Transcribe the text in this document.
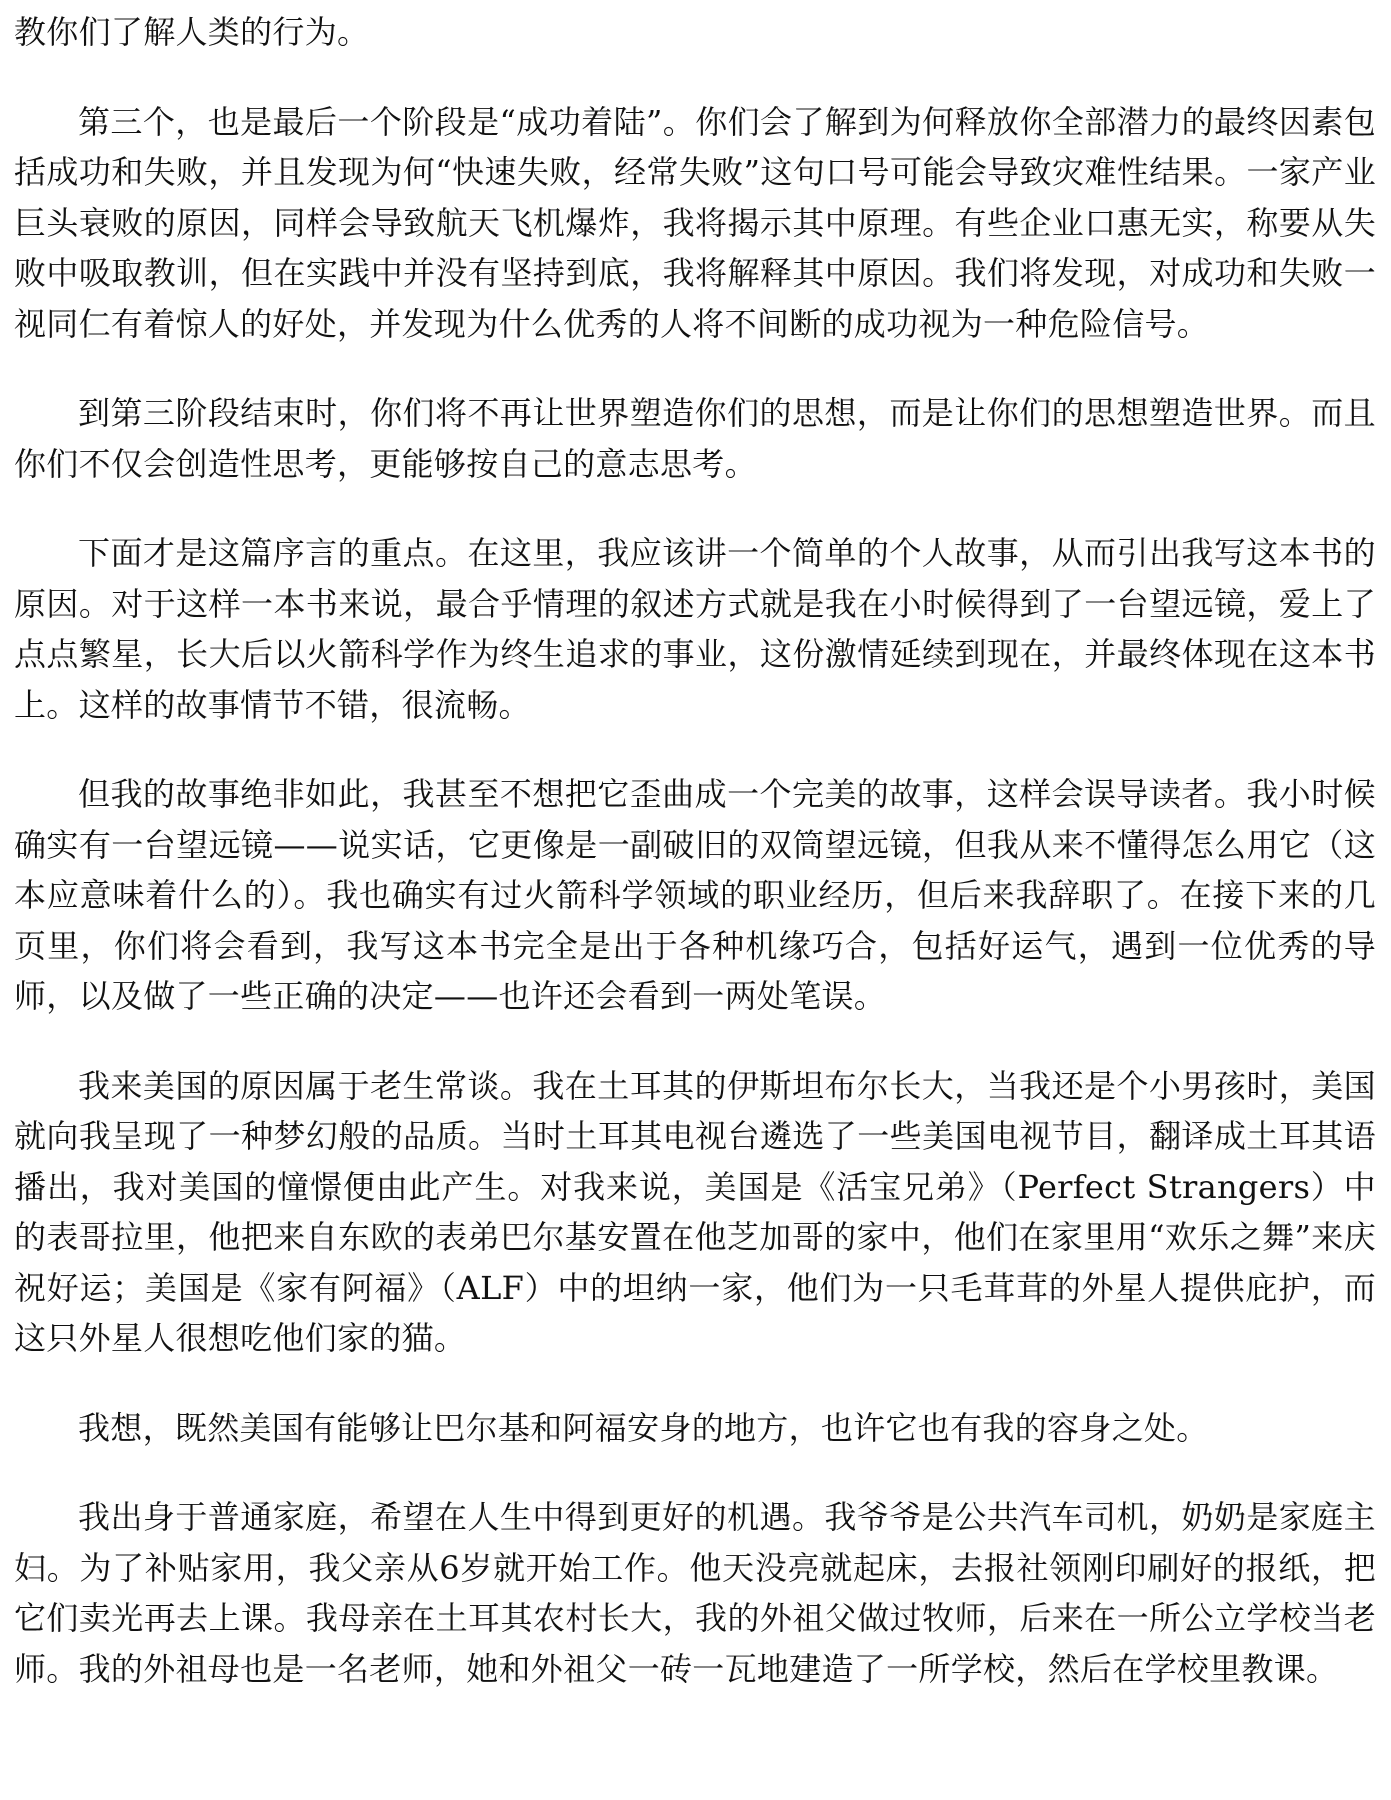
教你们了解人类的行为。

第三个，也是最后一个阶段是“成功着陆”。你们会了解到为何释放你全部潜力的最终因素包括成功和失败，并且发现为何“快速失败，经常失败”这句口号可能会导致灾难性结果。一家产业巨头衰败的原因，同样会导致航天飞机爆炸，我将揭示其中原理。有些企业口惠无实，称要从失败中吸取教训，但在实践中并没有坚持到底，我将解释其中原因。我们将发现，对成功和失败一视同仁有着惊人的好处，并发现为什么优秀的人将不间断的成功视为一种危险信号。

到第三阶段结束时，你们将不再让世界塑造你们的思想，而是让你们的思想塑造世界。而且你们不仅会创造性思考，更能够按自己的意志思考。

下面才是这篇序言的重点。在这里，我应该讲一个简单的个人故事，从而引出我写这本书的原因。对于这样一本书来说，最合乎情理的叙述方式就是我在小时候得到了一台望远镜，爱上了点点繁星，长大后以火箭科学作为终生追求的事业，这份激情延续到现在，并最终体现在这本书上。这样的故事情节不错，很流畅。

但我的故事绝非如此，我甚至不想把它歪曲成一个完美的故事，这样会误导读者。我小时候确实有一台望远镜——说实话，它更像是一副破旧的双筒望远镜，但我从来不懂得怎么用它（这本应意味着什么的）。我也确实有过火箭科学领域的职业经历，但后来我辞职了。在接下来的几页里，你们将会看到，我写这本书完全是出于各种机缘巧合，包括好运气，遇到一位优秀的导师，以及做了一些正确的决定——也许还会看到一两处笔误。

我来美国的原因属于老生常谈。我在土耳其的伊斯坦布尔长大，当我还是个小男孩时，美国就向我呈现了一种梦幻般的品质。当时土耳其电视台遴选了一些美国电视节目，翻译成土耳其语播出，我对美国的憧憬便由此产生。对我来说，美国是《活宝兄弟》（Perfect Strangers）中的表哥拉里，他把来自东欧的表弟巴尔基安置在他芝加哥的家中，他们在家里用“欢乐之舞”来庆祝好运；美国是《家有阿福》（ALF）中的坦纳一家，他们为一只毛茸茸的外星人提供庇护，而这只外星人很想吃他们家的猫。

我想，既然美国有能够让巴尔基和阿福安身的地方，也许它也有我的容身之处。

我出身于普通家庭，希望在人生中得到更好的机遇。我爷爷是公共汽车司机，奶奶是家庭主妇。为了补贴家用，我父亲从6岁就开始工作。他天没亮就起床，去报社领刚印刷好的报纸，把它们卖光再去上课。我母亲在土耳其农村长大，我的外祖父做过牧师，后来在一所公立学校当老师。我的外祖母也是一名老师，她和外祖父一砖一瓦地建造了一所学校，然后在学校里教课。
